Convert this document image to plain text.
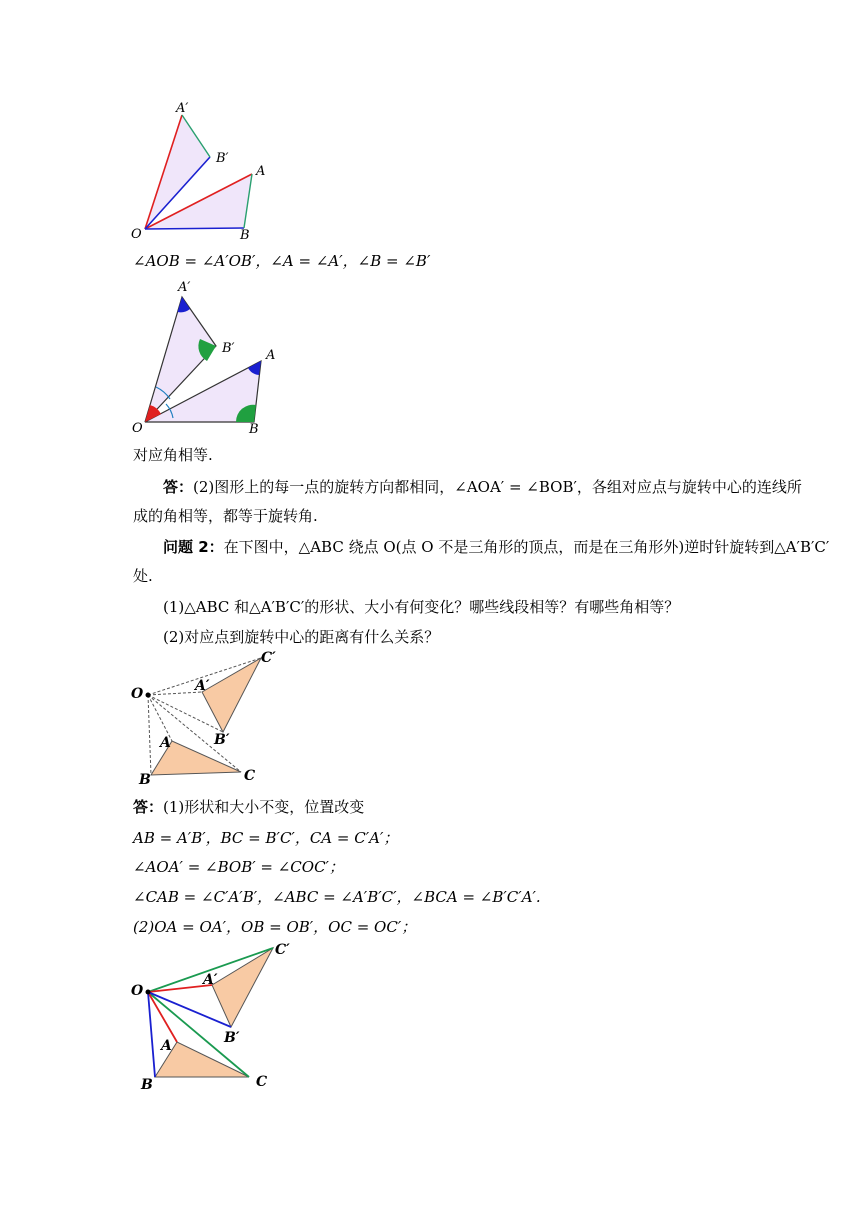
A′
B′
A
B
O
∠AOB = ∠A′OB′，∠A = ∠A′，∠B = ∠B′
A′
B′ A
B
O
对应角相等.
答：(2)图形上的每一点的旋转方向都相同，∠AOA′ = ∠BOB′，各组对应点与旋转中心的连线所
成的角相等，都等于旋转角.
问题 2：在下图中，△ABC 绕点 O(点 O 不是三角形的顶点，而是在三角形外)逆时针旋转到△A′B′C′
处.
(1)△ABC 和△A′B′C′的形状、大小有何变化？哪些线段相等？有哪些角相等？
(2)对应点到旋转中心的距离有什么关系？
C′
A′
B′
A
B	C
O
答：(1)形状和大小不变，位置改变
AB = A′B′，BC = B′C′，CA = C′A′；
∠AOA′ = ∠BOB′ = ∠COC′；
∠CAB = ∠C′A′B′，∠ABC = ∠A′B′C′，∠BCA = ∠B′C′A′.
(2)OA = OA′，OB = OB′，OC = OC′；
C′
A′
B′
A
B	C
O
